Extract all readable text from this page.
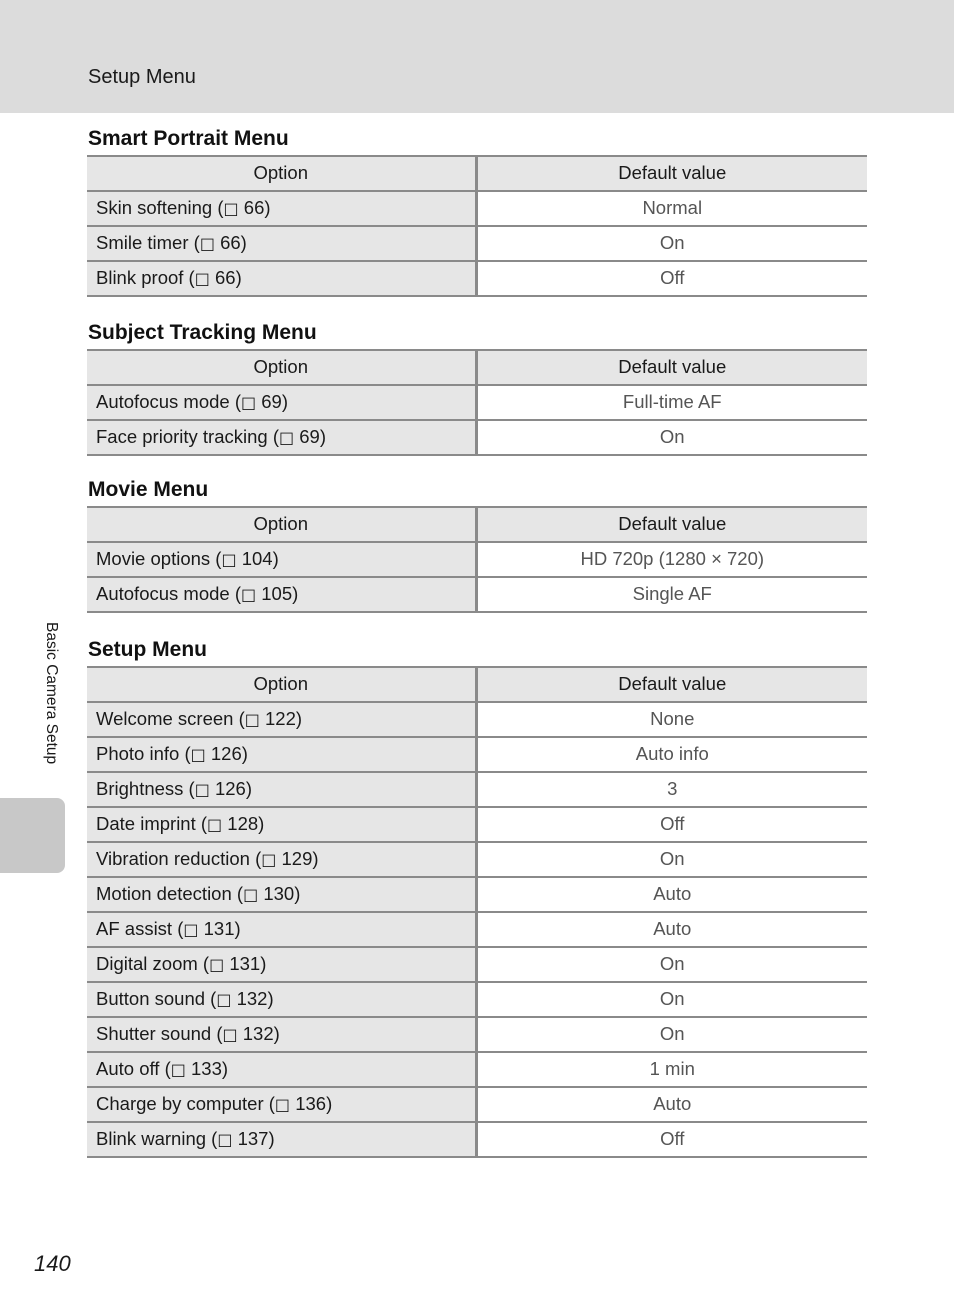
Setup Menu
Basic Camera Setup
Smart Portrait Menu
Option	Default value
Skin softening (□ 66)	Normal
Smile timer (□ 66)	On
Blink proof (□ 66)	Off
Subject Tracking Menu
Option	Default value
Autofocus mode (□ 69)	Full-time AF
Face priority tracking (□ 69)	On
Movie Menu
Option	Default value
Movie options (□ 104)	HD 720p (1280 × 720)
Autofocus mode (□ 105)	Single AF
Setup Menu
Option	Default value
Welcome screen (□ 122)	None
Photo info (□ 126)	Auto info
Brightness (□ 126)	3
Date imprint (□ 128)	Off
Vibration reduction (□ 129)	On
Motion detection (□ 130)	Auto
AF assist (□ 131)	Auto
Digital zoom (□ 131)	On
Button sound (□ 132)	On
Shutter sound (□ 132)	On
Auto off (□ 133)	1 min
Charge by computer (□ 136)	Auto
Blink warning (□ 137)	Off
140
